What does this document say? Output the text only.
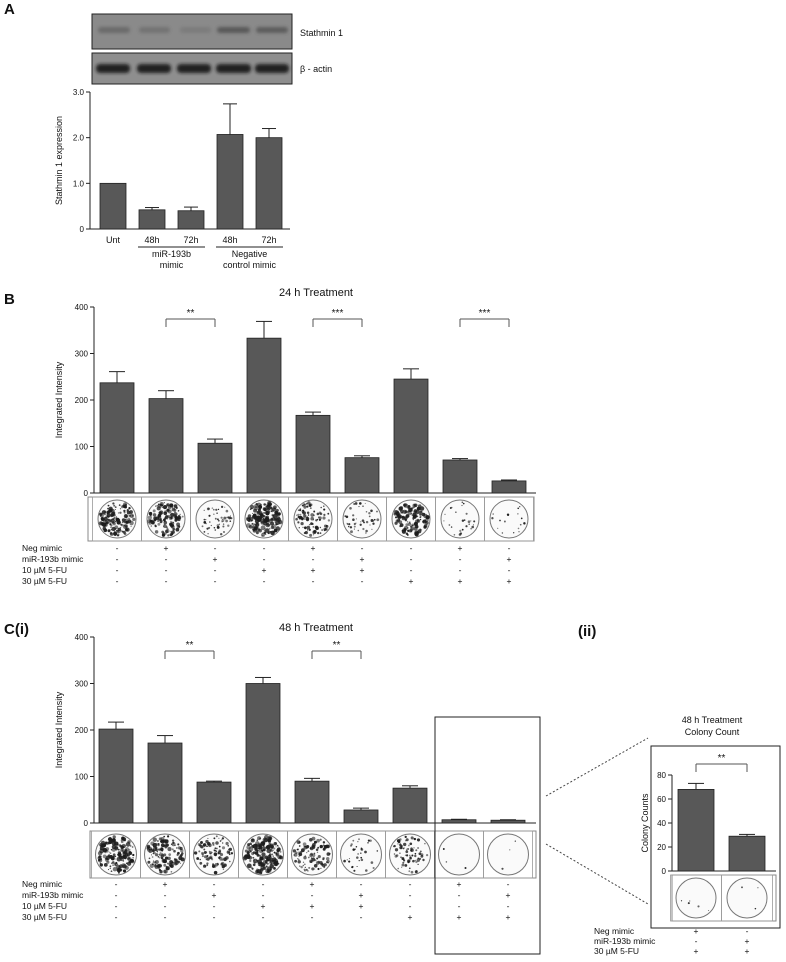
A
B
C(i)	(ii)
Stathmin 1
β - actin
0
1.0
2.0
3.0
Stathmin 1 expression
Unt	48h	72h	48h	72h
miR-193b
mimic
Negative
control mimic
0
100
200
300
400
Integrated Intensity
**	***	***
24 h Treatment
Neg mimic	-	+	-	-	+	-	-	+	-
miR-193b mimic	-	-	+	-	-	+	-	-	+
10 µM 5-FU	-	-	-	+	+	+	-	-	-
30 µM 5-FU	-	-	-	-	-	-	+	+	+
0
100
200
300
400
Integrated Intensity
**	**
48 h Treatment
Neg mimic	-	+	-	-	+	-	-	+	-
miR-193b mimic	-	-	+	-	-	+	-	-	+
10 µM 5-FU	-	-	-	+	+	+	-	-	-
30 µM 5-FU	-	-	-	-	-	-	+	+	+
0
20
40
60
80
Colony Counts
**
48 h Treatment
Colony Count
Neg mimic	+	-
miR-193b mimic	-	+
30 µM 5-FU	+	+
